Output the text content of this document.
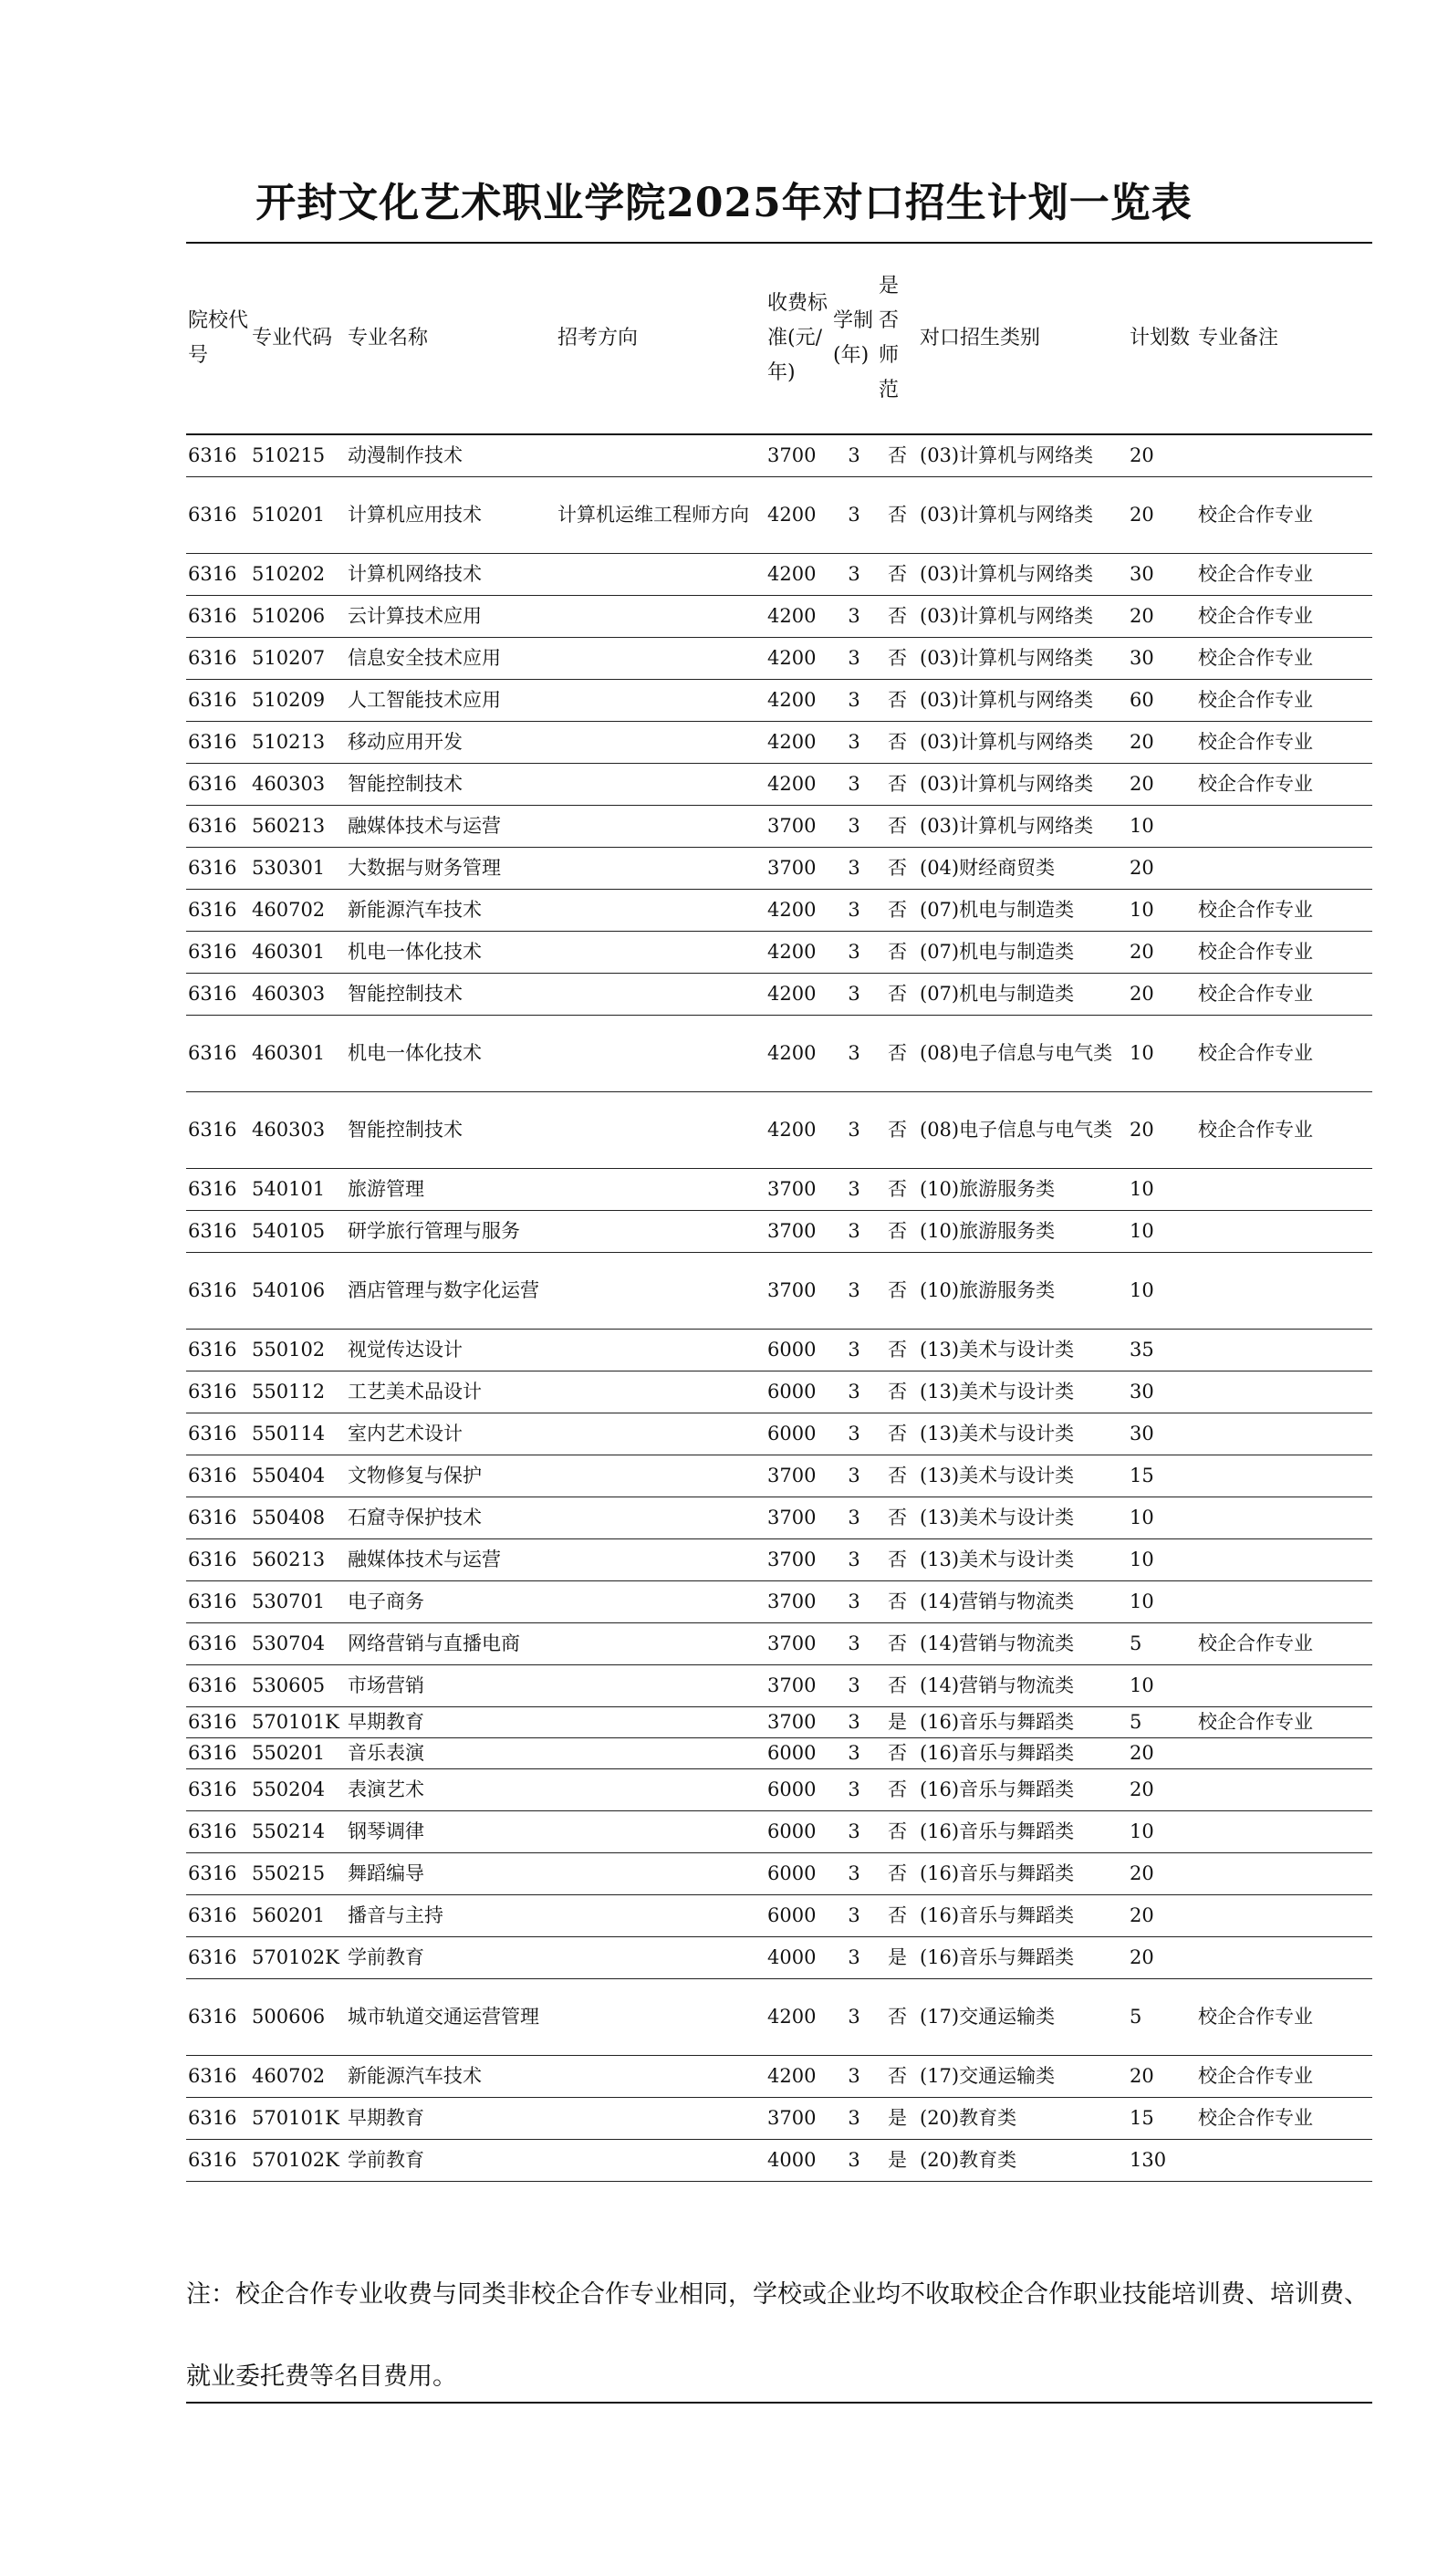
开封文化艺术职业学院2025年对口招生计划一览表
院校代号	专业代码	专业名称	招考方向	收费标准(元/年)	学制(年)	是否师范	对口招生类别	计划数	专业备注
6316	510215	动漫制作技术		3700	3	否	(03)计算机与网络类	20	
6316	510201	计算机应用技术	计算机运维工程师方向	4200	3	否	(03)计算机与网络类	20	校企合作专业
6316	510202	计算机网络技术		4200	3	否	(03)计算机与网络类	30	校企合作专业
6316	510206	云计算技术应用		4200	3	否	(03)计算机与网络类	20	校企合作专业
6316	510207	信息安全技术应用		4200	3	否	(03)计算机与网络类	30	校企合作专业
6316	510209	人工智能技术应用		4200	3	否	(03)计算机与网络类	60	校企合作专业
6316	510213	移动应用开发		4200	3	否	(03)计算机与网络类	20	校企合作专业
6316	460303	智能控制技术		4200	3	否	(03)计算机与网络类	20	校企合作专业
6316	560213	融媒体技术与运营		3700	3	否	(03)计算机与网络类	10	
6316	530301	大数据与财务管理		3700	3	否	(04)财经商贸类	20	
6316	460702	新能源汽车技术		4200	3	否	(07)机电与制造类	10	校企合作专业
6316	460301	机电一体化技术		4200	3	否	(07)机电与制造类	20	校企合作专业
6316	460303	智能控制技术		4200	3	否	(07)机电与制造类	20	校企合作专业
6316	460301	机电一体化技术		4200	3	否	(08)电子信息与电气类	10	校企合作专业
6316	460303	智能控制技术		4200	3	否	(08)电子信息与电气类	20	校企合作专业
6316	540101	旅游管理		3700	3	否	(10)旅游服务类	10	
6316	540105	研学旅行管理与服务		3700	3	否	(10)旅游服务类	10	
6316	540106	酒店管理与数字化运营		3700	3	否	(10)旅游服务类	10	
6316	550102	视觉传达设计		6000	3	否	(13)美术与设计类	35	
6316	550112	工艺美术品设计		6000	3	否	(13)美术与设计类	30	
6316	550114	室内艺术设计		6000	3	否	(13)美术与设计类	30	
6316	550404	文物修复与保护		3700	3	否	(13)美术与设计类	15	
6316	550408	石窟寺保护技术		3700	3	否	(13)美术与设计类	10	
6316	560213	融媒体技术与运营		3700	3	否	(13)美术与设计类	10	
6316	530701	电子商务		3700	3	否	(14)营销与物流类	10	
6316	530704	网络营销与直播电商		3700	3	否	(14)营销与物流类	5	校企合作专业
6316	530605	市场营销		3700	3	否	(14)营销与物流类	10	
6316	570101K	早期教育		3700	3	是	(16)音乐与舞蹈类	5	校企合作专业
6316	550201	音乐表演		6000	3	否	(16)音乐与舞蹈类	20	
6316	550204	表演艺术		6000	3	否	(16)音乐与舞蹈类	20	
6316	550214	钢琴调律		6000	3	否	(16)音乐与舞蹈类	10	
6316	550215	舞蹈编导		6000	3	否	(16)音乐与舞蹈类	20	
6316	560201	播音与主持		6000	3	否	(16)音乐与舞蹈类	20	
6316	570102K	学前教育		4000	3	是	(16)音乐与舞蹈类	20	
6316	500606	城市轨道交通运营管理		4200	3	否	(17)交通运输类	5	校企合作专业
6316	460702	新能源汽车技术		4200	3	否	(17)交通运输类	20	校企合作专业
6316	570101K	早期教育		3700	3	是	(20)教育类	15	校企合作专业
6316	570102K	学前教育		4000	3	是	(20)教育类	130	
注：校企合作专业收费与同类非校企合作专业相同，学校或企业均不收取校企合作职业技能培训费、培训费、就业委托费等名目费用。
